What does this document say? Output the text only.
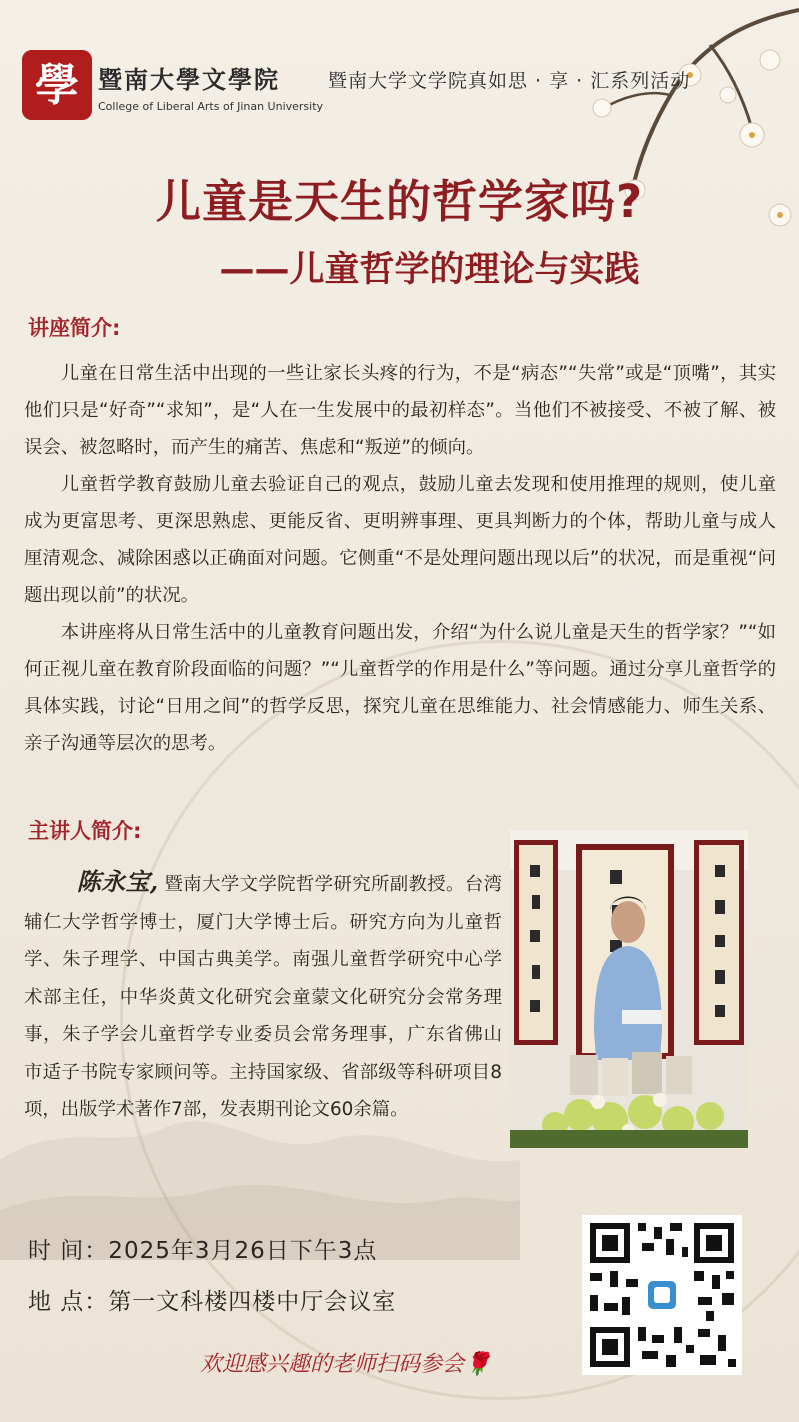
學 暨南大學文學院
College of Liberal Arts of Jinan University
暨南大学文学院真如思 · 享 · 汇系列活动
儿童是天生的哲学家吗?
——儿童哲学的理论与实践
讲座简介:

儿童在日常生活中出现的一些让家长头疼的行为，不是“病态”“失常”或是“顶嘴”，其实他们只是“好奇”“求知”，是“人在一生发展中的最初样态”。当他们不被接受、不被了解、被误会、被忽略时，而产生的痛苦、焦虑和“叛逆”的倾向。

儿童哲学教育鼓励儿童去验证自己的观点，鼓励儿童去发现和使用推理的规则，使儿童成为更富思考、更深思熟虑、更能反省、更明辨事理、更具判断力的个体，帮助儿童与成人厘清观念、减除困惑以正确面对问题。它侧重“不是处理问题出现以后”的状况，而是重视“问题出现以前”的状况。

本讲座将从日常生活中的儿童教育问题出发，介绍“为什么说儿童是天生的哲学家？”“如何正视儿童在教育阶段面临的问题？”“儿童哲学的作用是什么”等问题。通过分享儿童哲学的具体实践，讨论“日用之间”的哲学反思，探究儿童在思维能力、社会情感能力、师生关系、亲子沟通等层次的思考。

主讲人简介:
陈永宝, 暨南大学文学院哲学研究所副教授。台湾辅仁大学哲学博士，厦门大学博士后。研究方向为儿童哲学、朱子理学、中国古典美学。南强儿童哲学研究中心学术部主任，中华炎黄文化研究会童蒙文化研究分会常务理事，朱子学会儿童哲学专业委员会常务理事，广东省佛山市适子书院专家顾问等。主持国家级、省部级等科研项目8项，出版学术著作7部，发表期刊论文60余篇。
时 间：2025年3月26日下午3点
地 点：第一文科楼四楼中厅会议室
欢迎感兴趣的老师扫码参会🌹
